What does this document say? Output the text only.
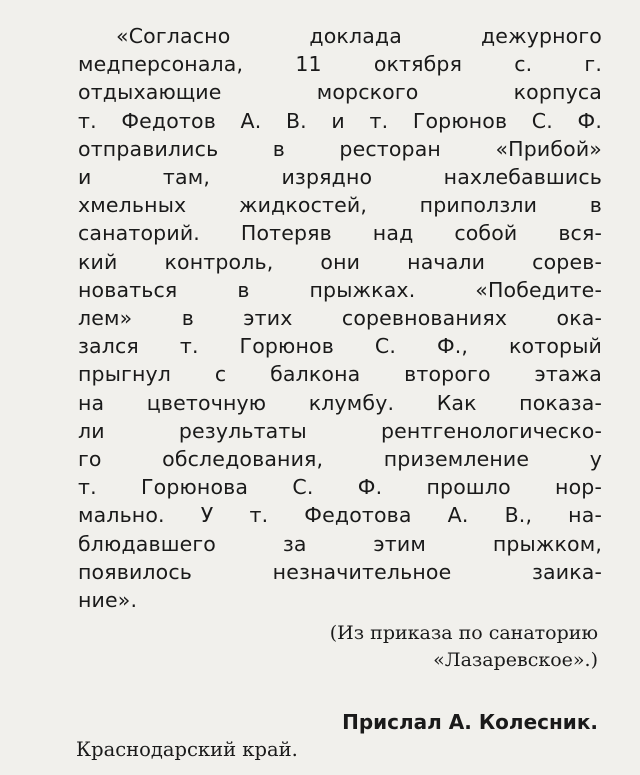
«Согласно доклада дежурного
медперсонала, 11 октября с. г.
отдыхающие морского корпуса
т. Федотов А. В. и т. Горюнов С. Ф.
отправились в ресторан «Прибой»
и там, изрядно нахлебавшись
хмельных жидкостей, приползли в
санаторий. Потеряв над собой вся-
кий контроль, они начали сорев-
новаться в прыжках. «Победите-
лем» в этих соревнованиях ока-
зался т. Горюнов С. Ф., который
прыгнул с балкона второго этажа
на цветочную клумбу. Как показа-
ли результаты рентгенологическо-
го обследования, приземление у
т. Горюнова С. Ф. прошло нор-
мально. У т. Федотова А. В., на-
блюдавшего за этим прыжком,
появилось незначительное заика-
ние».
(Из приказа по санаторию
«Лазаревское».)
Прислал А. Колесник.
Краснодарский край.
